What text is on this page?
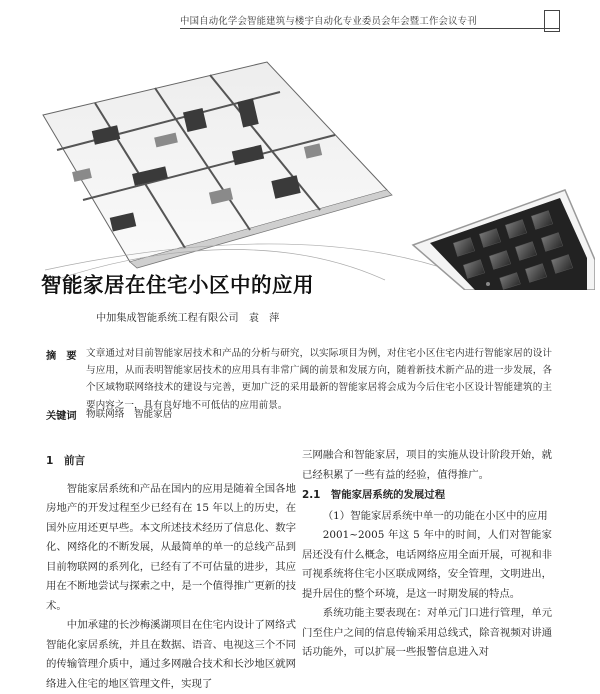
中国自动化学会智能建筑与楼宇自动化专业委员会年会暨工作会议专刊
智能家居在住宅小区中的应用
中加集成智能系统工程有限公司　袁　萍
摘　要 文章通过对目前智能家居技术和产品的分析与研究，以实际项目为例，对住宅小区住宅内进行智能家居的设计与应用，从而表明智能家居技术的应用具有非常广阔的前景和发展方向，随着新技术新产品的进一步发展，各个区域物联网络技术的建设与完善，更加广泛的采用最新的智能家居将会成为今后住宅小区设计智能建筑的主要内容之一，具有良好地不可低估的应用前景。
关键词 物联网络　智能家居
1　前言

智能家居系统和产品在国内的应用是随着全国各地房地产的开发过程至少已经有在 15 年以上的历史，在国外应用还更早些。本文所述技术经历了信息化、数字化、网络化的不断发展，从最简单的单一的总线产品到目前物联网的系列化，已经有了不可估量的进步，其应用在不断地尝试与探索之中，是一个值得推广更新的技术。

中加承建的长沙梅溪湖项目在住宅内设计了网络式智能化家居系统，并且在数据、语音、电视这三个不同的传输管理介质中，通过多网融合技术和长沙地区就网络进入住宅的地区管理文件，实现了

三网融合和智能家居，项目的实施从设计阶段开始，就已经积累了一些有益的经验，值得推广。

2.1　智能家居系统的发展过程

（1）智能家居系统中单一的功能在小区中的应用

2001~2005 年这 5 年中的时间，人们对智能家居还没有什么概念，电话网络应用全面开展，可视和非可视系统将住宅小区联成网络，安全管理，文明进出，提升居住的整个环境，是这一时期发展的特点。

系统功能主要表现在：对单元门口进行管理，单元门至住户之间的信息传输采用总线式，除音视频对讲通话功能外，可以扩展一些报警信息进入对
